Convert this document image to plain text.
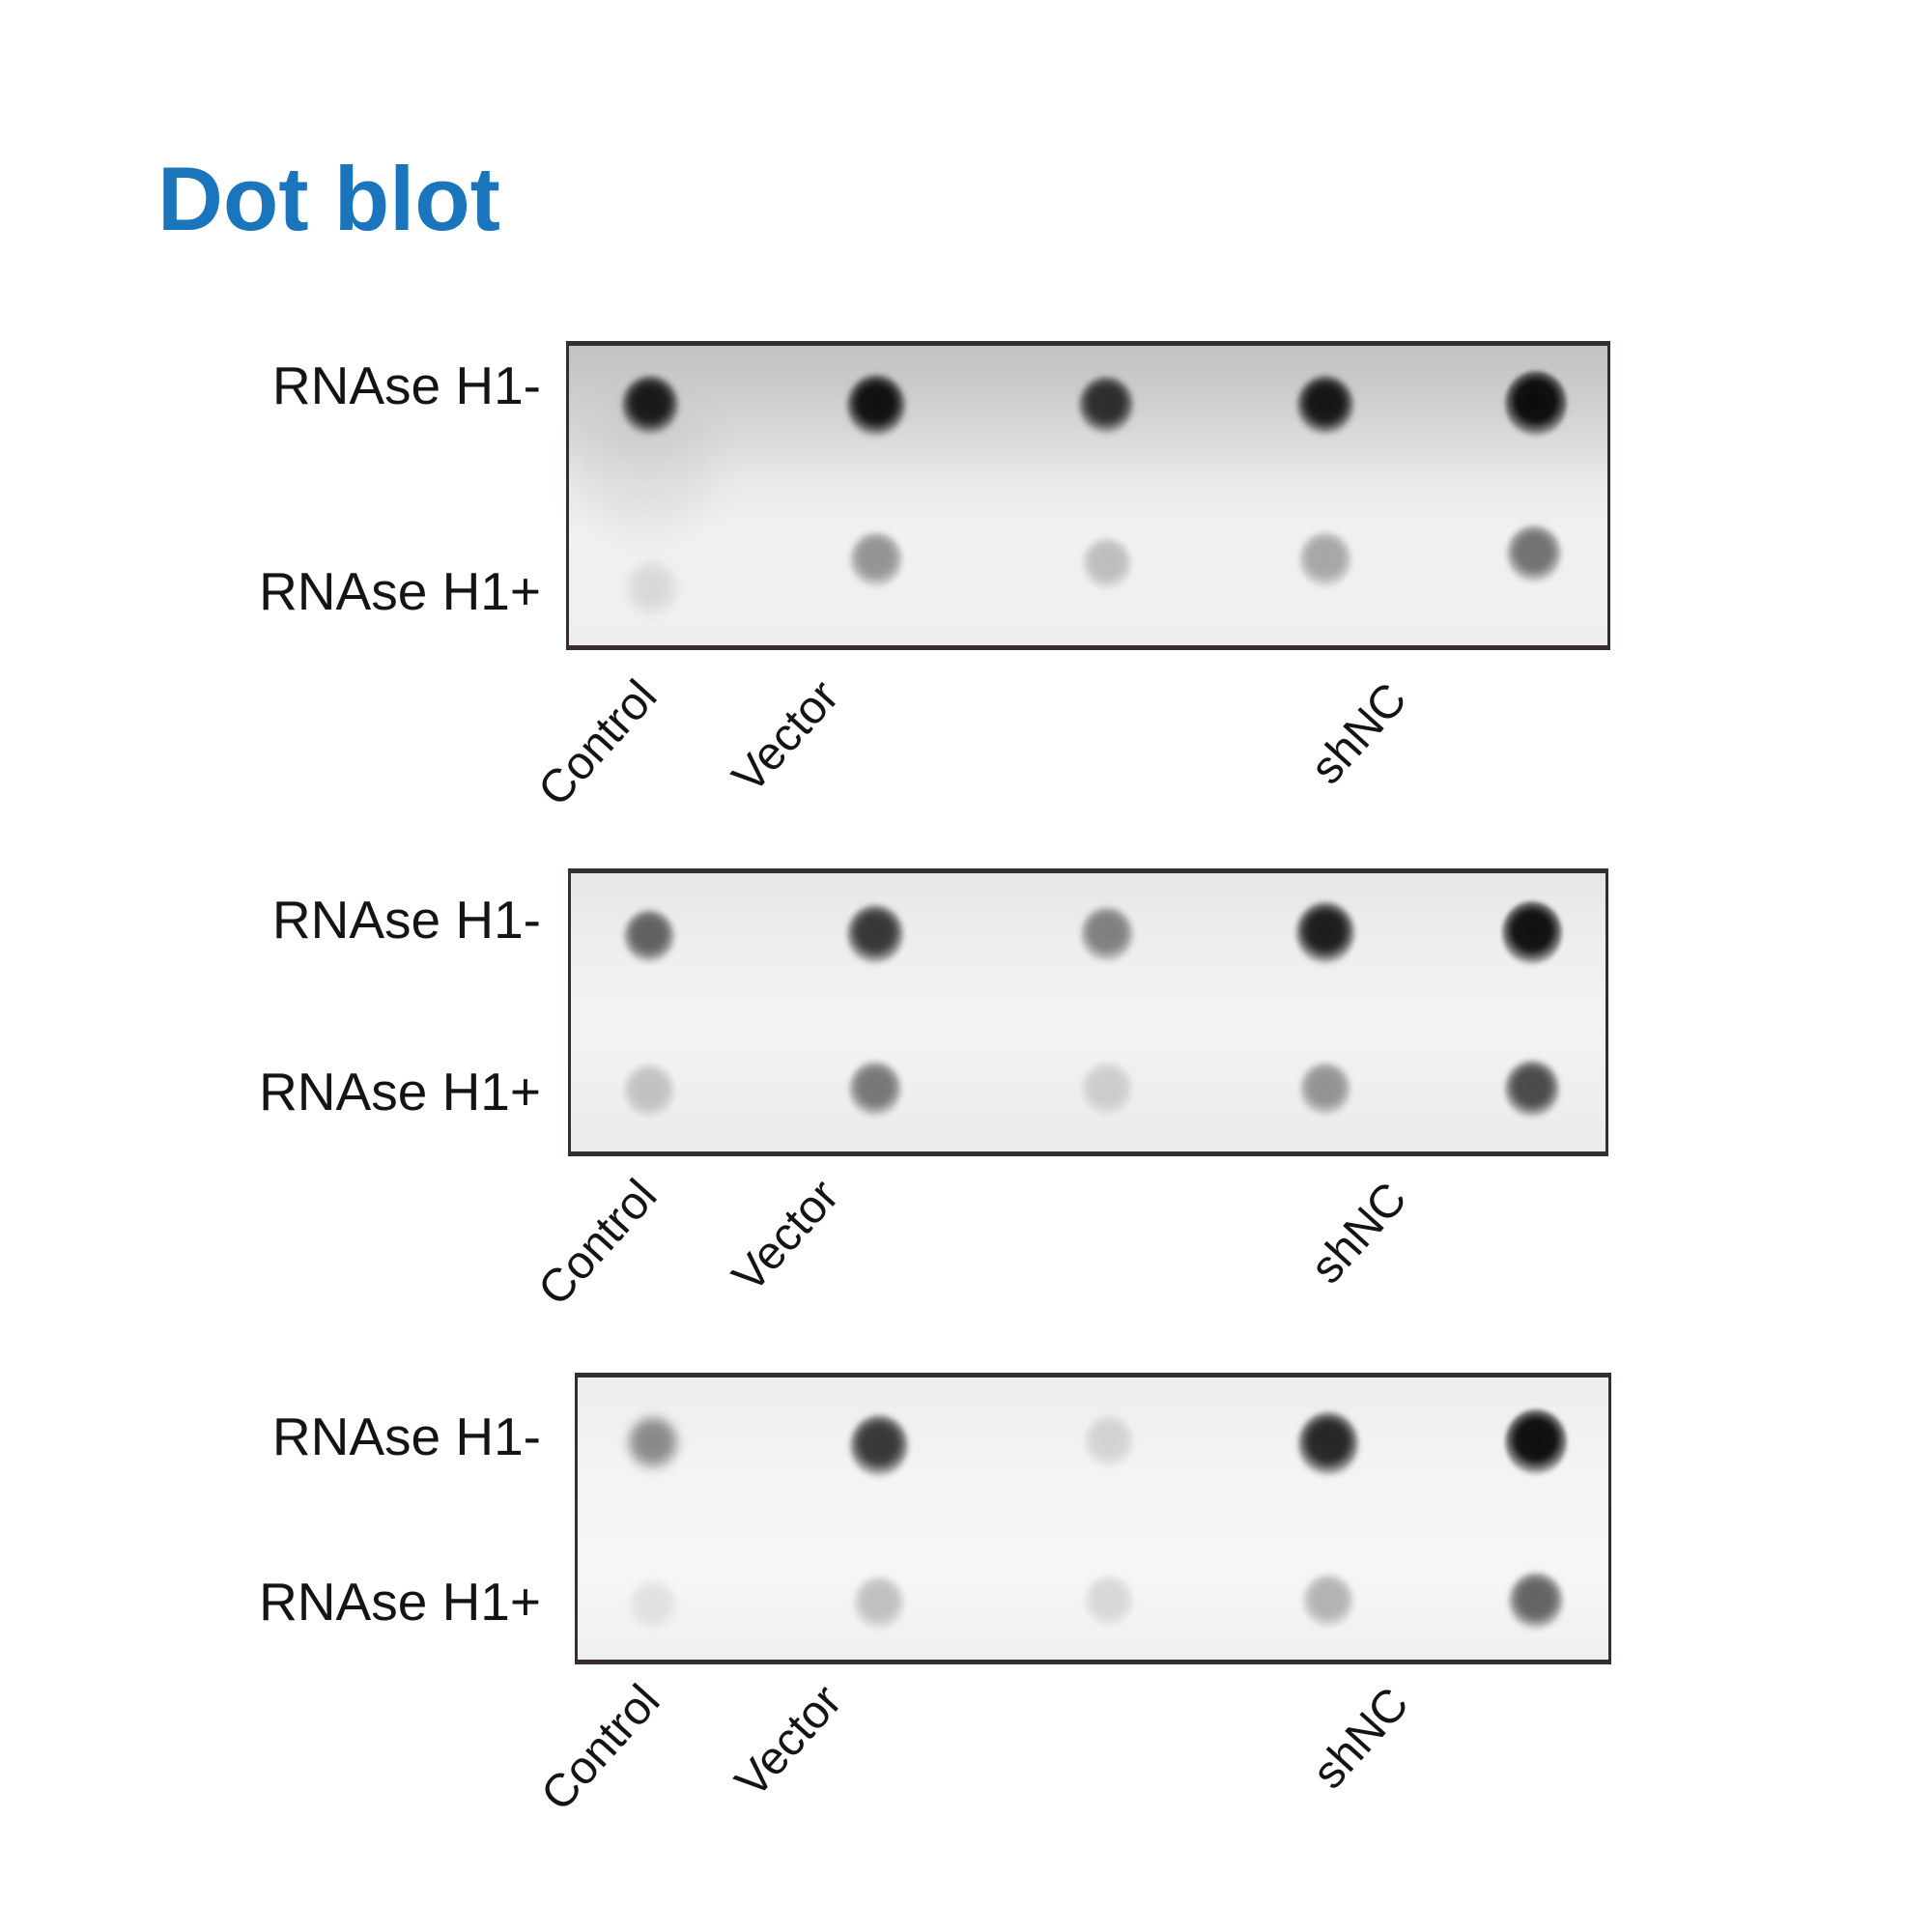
Dot blot
RNAse H1-
RNAse H1+
Control Vector	shNC
RNAse H1-
RNAse H1+
Control Vector	shNC
RNAse H1-
RNAse H1+
Control Vector	shNC
